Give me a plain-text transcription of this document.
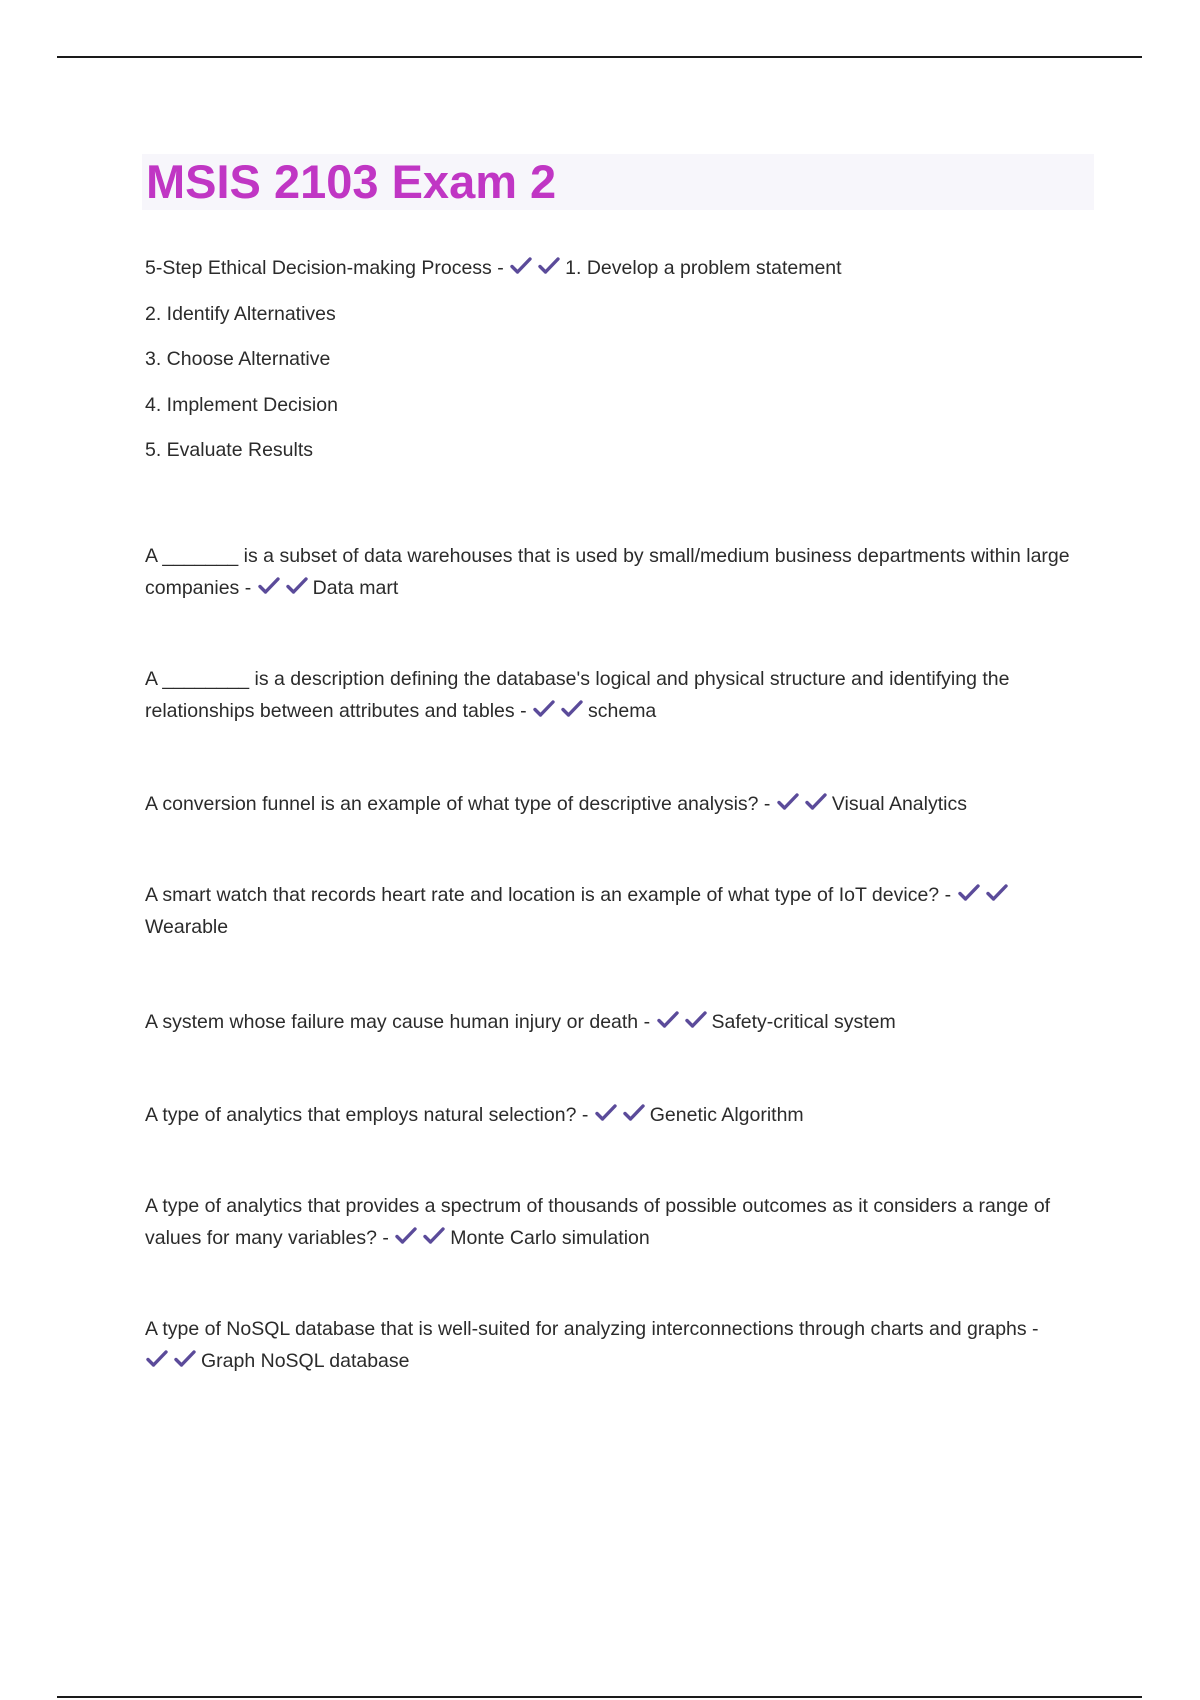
MSIS 2103 Exam 2
5-Step Ethical Decision-making Process -	1. Develop a problem statement
2. Identify Alternatives
3. Choose Alternative
4. Implement Decision
5. Evaluate Results

A _______ is a subset of data warehouses that is used by small/medium business departments within large companies -	Data mart

A ________ is a description defining the database's logical and physical structure and identifying the relationships between attributes and tables -	schema

A conversion funnel is an example of what type of descriptive analysis? -	Visual Analytics

A smart watch that records heart rate and location is an example of what type of IoT device? -
Wearable

A system whose failure may cause human injury or death -	Safety-critical system

A type of analytics that employs natural selection? -	Genetic Algorithm

A type of analytics that provides a spectrum of thousands of possible outcomes as it considers a range of values for many variables? -	Monte Carlo simulation

A type of NoSQL database that is well-suited for analyzing interconnections through charts and graphs -
Graph NoSQL database
